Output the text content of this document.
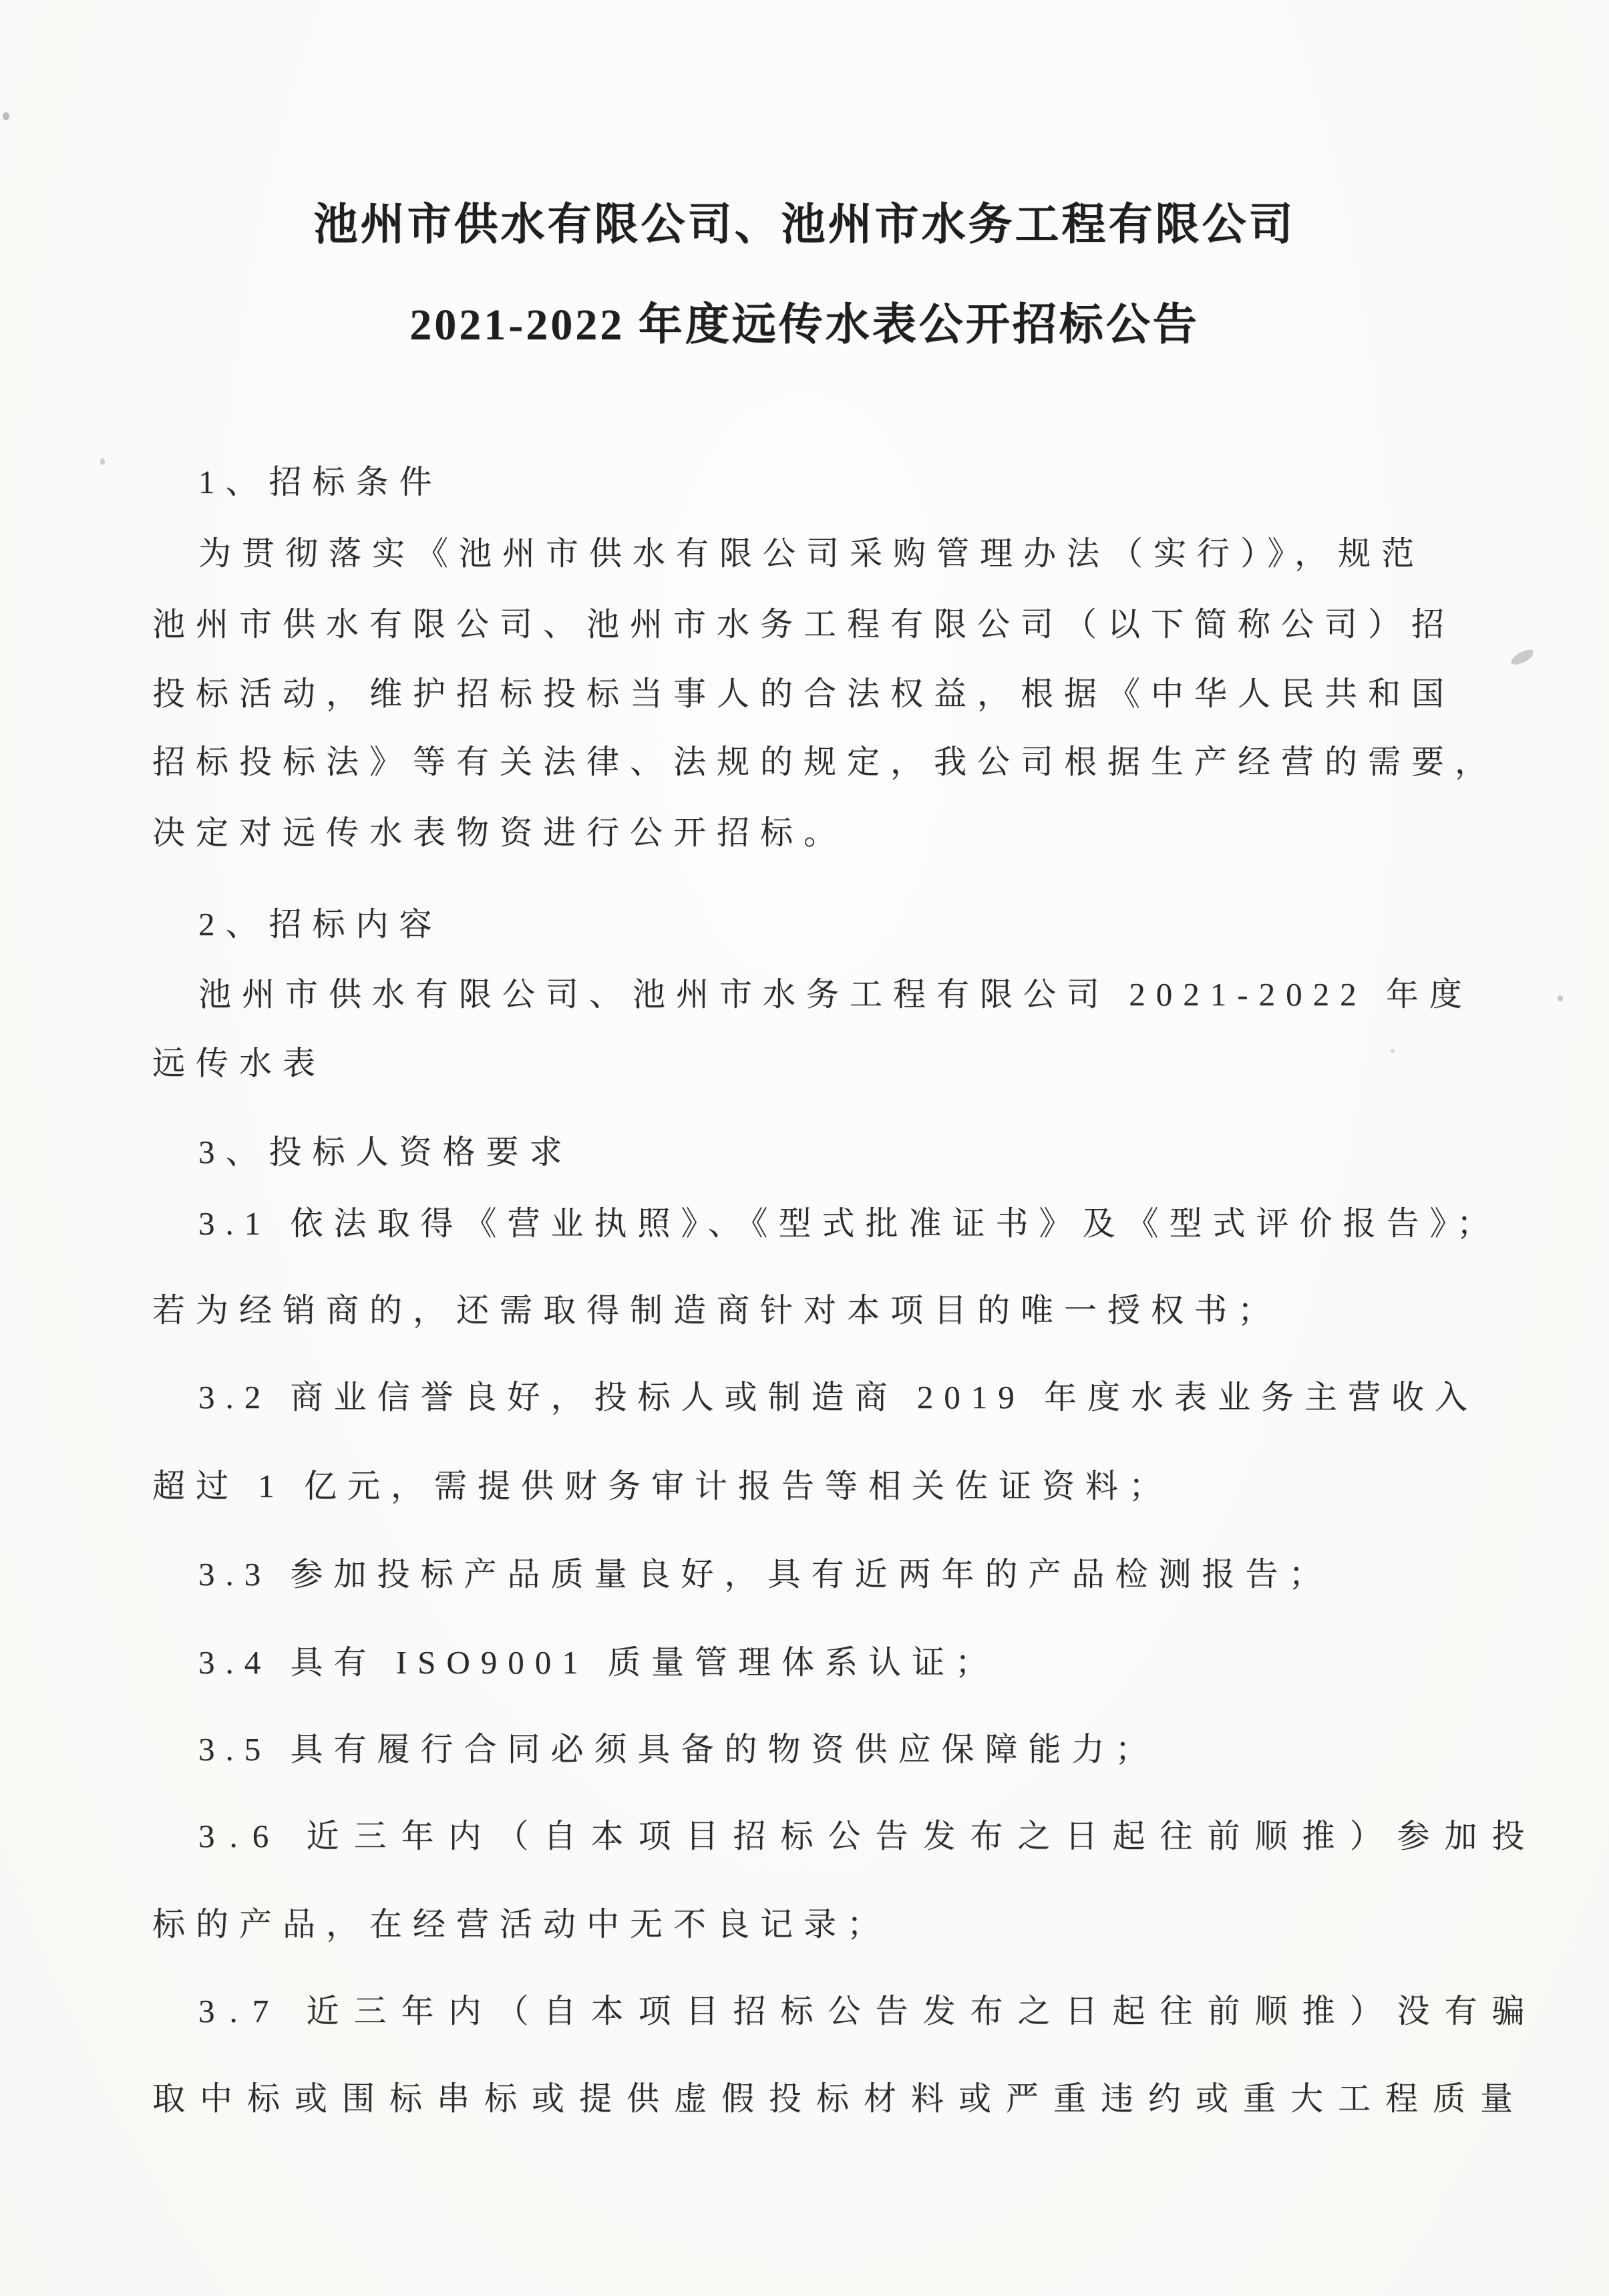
池州市供水有限公司、池州市水务工程有限公司
2021-2022 年度远传水表公开招标公告
1、招标条件
为贯彻落实《池州市供水有限公司采购管理办法（实行）》，规范
池州市供水有限公司、池州市水务工程有限公司（以下简称公司）招
投标活动，维护招标投标当事人的合法权益，根据《中华人民共和国
招标投标法》等有关法律、法规的规定，我公司根据生产经营的需要，
决定对远传水表物资进行公开招标。
2、招标内容
池州市供水有限公司、池州市水务工程有限公司 2021-2022 年度
远传水表
3、投标人资格要求
3.1 依法取得《营业执照》、《型式批准证书》及《型式评价报告》；
若为经销商的，还需取得制造商针对本项目的唯一授权书；
3.2 商业信誉良好，投标人或制造商 2019 年度水表业务主营收入
超过 1 亿元，需提供财务审计报告等相关佐证资料；
3.3 参加投标产品质量良好，具有近两年的产品检测报告；
3.4 具有 ISO9001 质量管理体系认证；
3.5 具有履行合同必须具备的物资供应保障能力；
3.6 近三年内（自本项目招标公告发布之日起往前顺推）参加投
标的产品，在经营活动中无不良记录；
3.7 近三年内（自本项目招标公告发布之日起往前顺推）没有骗
取中标或围标串标或提供虚假投标材料或严重违约或重大工程质量
